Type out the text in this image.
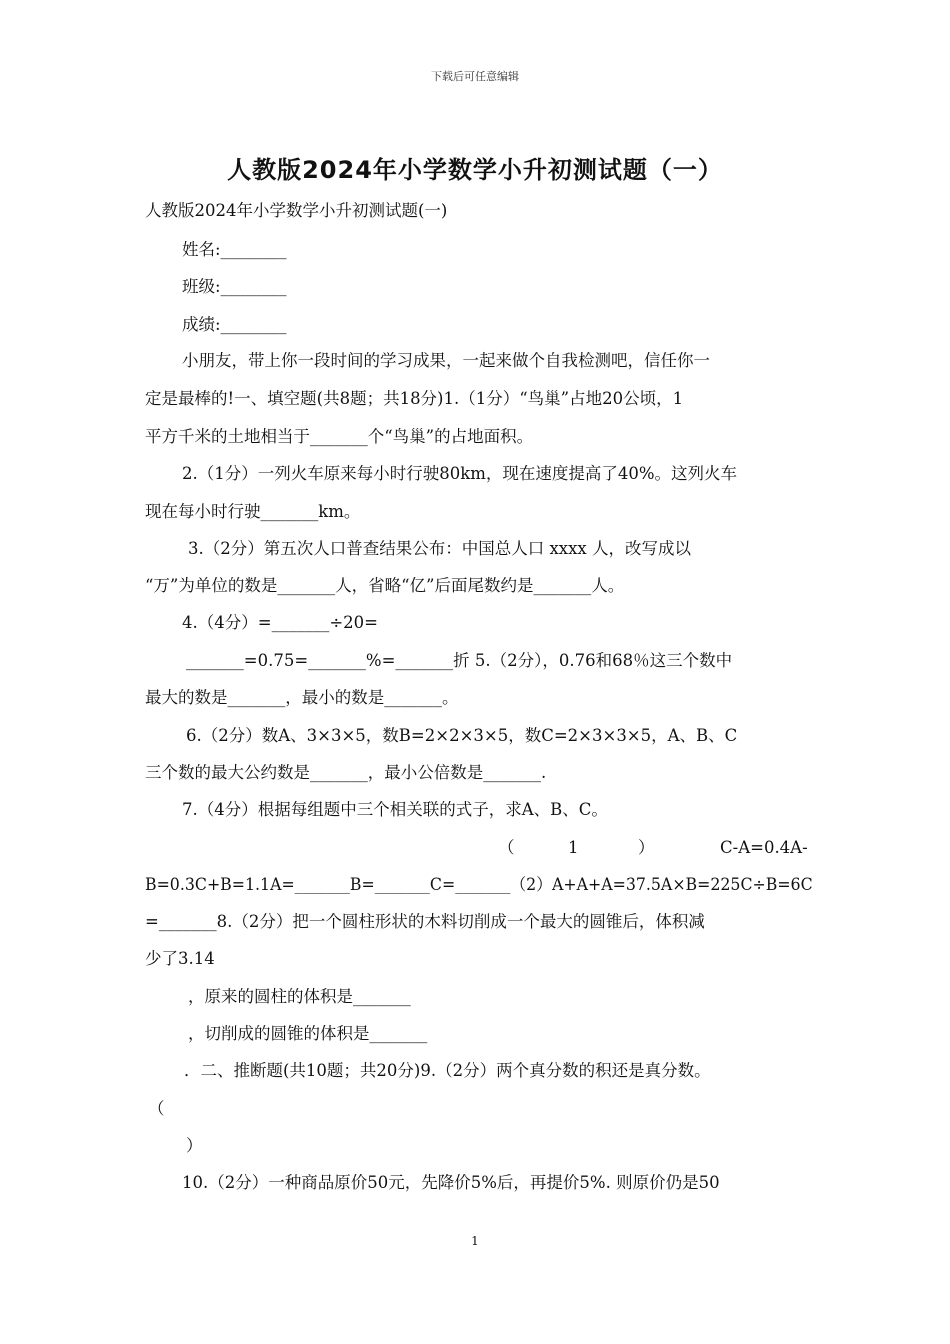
下载后可任意编辑
人教版2024年小学数学小升初测试题（一）
人教版2024年小学数学小升初测试题(一)
姓名:________
班级:________
成绩:________
小朋友，带上你一段时间的学习成果，一起来做个自我检测吧，信任你一
定是最棒的!一、填空题(共8题；共18分)1.（1分）“鸟巢”占地20公顷，1
平方千米的土地相当于_______个“鸟巢”的占地面积。
2.（1分）一列火车原来每小时行驶80km，现在速度提高了40%。这列火车
现在每小时行驶_______km。
3.（2分）第五次人口普查结果公布：中国总人口 xxxx 人，改写成以
“万”为单位的数是_______人，省略“亿”后面尾数约是_______人。
4.（4分）=_______÷20=
_______=0.75=_______%=_______折 5.（2分），0.76和68％这三个数中
最大的数是_______，最小的数是_______。
6.（2分）数A、3×3×5，数B=2×2×3×5，数C=2×3×3×5，A、B、C
三个数的最大公约数是_______，最小公倍数是_______.
7.（4分）根据每组题中三个相关联的式子，求A、B、C。
（	1	）	C-A=0.4A-
B=0.3C+B=1.1A=_______B=_______C=_______（2）A+A+A=37.5A×B=225C÷B=6C
=_______8.（2分）把一个圆柱形状的木料切削成一个最大的圆锥后，体积减
少了3.14
，原来的圆柱的体积是_______
，切削成的圆锥的体积是_______
．二、推断题(共10题；共20分)9.（2分）两个真分数的积还是真分数。
（
）
10.（2分）一种商品原价50元，先降价5%后，再提价5%. 则原价仍是50
1
